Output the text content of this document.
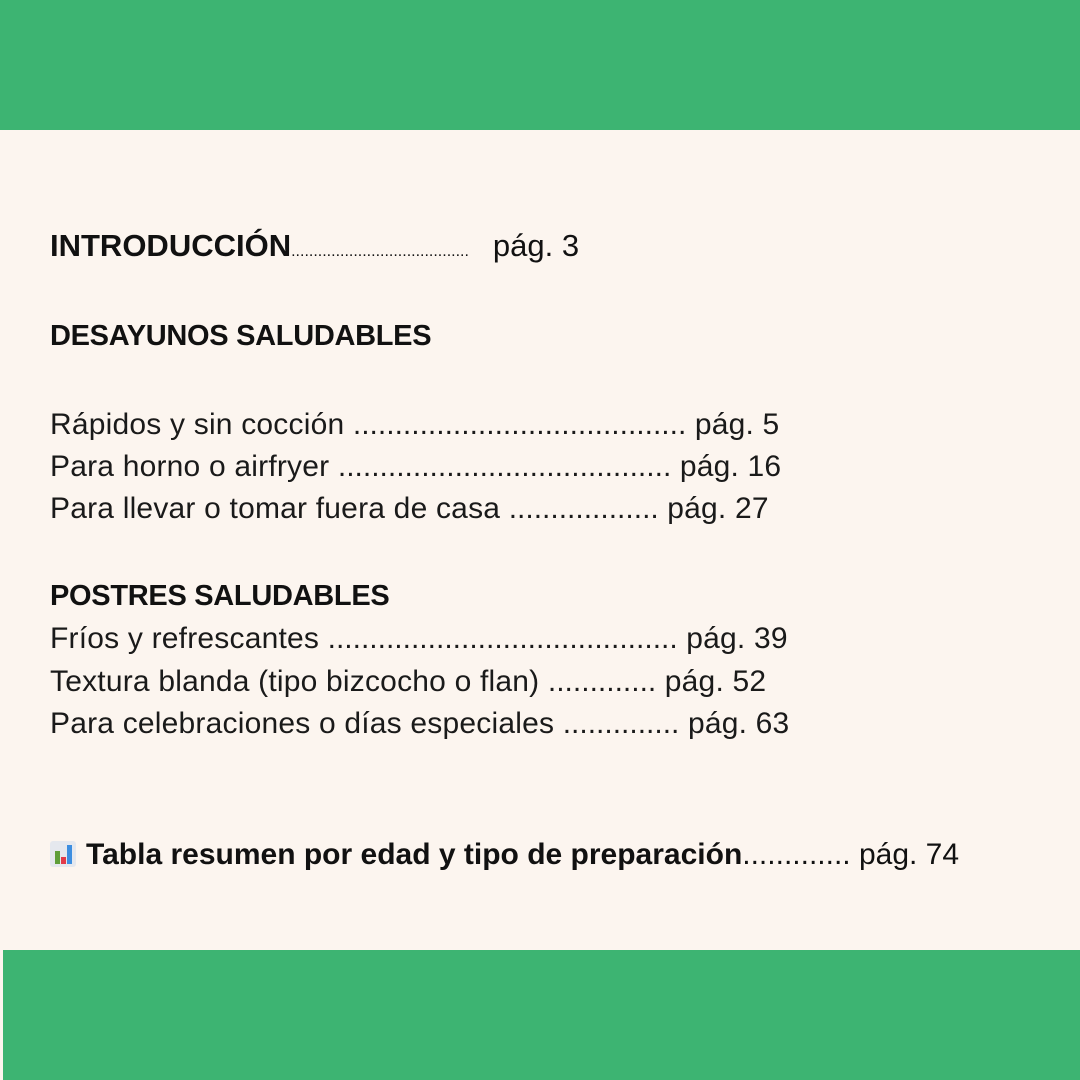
INTRODUCCIÓN........................................ pág. 3
DESAYUNOS SALUDABLES
Rápidos y sin cocción ........................................ pág. 5
Para horno o airfryer ........................................ pág. 16
Para llevar o tomar fuera de casa .................. pág. 27
POSTRES SALUDABLES
Fríos y refrescantes .......................................... pág. 39
Textura blanda (tipo bizcocho o flan) ............. pág. 52
Para celebraciones o días especiales .............. pág. 63
Tabla resumen por edad y tipo de preparación............. pág. 74
